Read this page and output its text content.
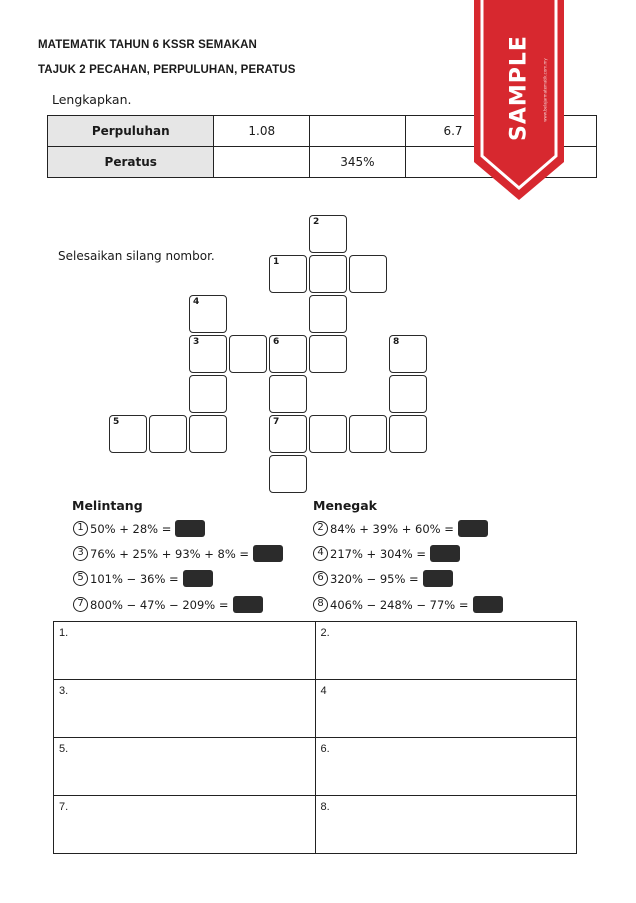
MATEMATIK TAHUN 6 KSSR SEMAKAN
TAJUK 2 PECAHAN, PERPULUHAN, PERATUS
Lengkapkan.
Perpuluhan	1.08		6.7	
Peratus		345%		
Selesaikan silang nombor.
2
1
4
3	6	8
5	7
Melintang	Menegak
1 50% + 28% =
3 76% + 25% + 93% + 8% =
5 101% − 36% =
7 800% − 47% − 209% =
2 84% + 39% + 60% =
4 217% + 304% =
6 320% − 95% =
8 406% − 248% − 77% =
1.	2.
3.	4
5.	6.
7.	8.
SAMPLE	www.belajarmatematik.com.my
